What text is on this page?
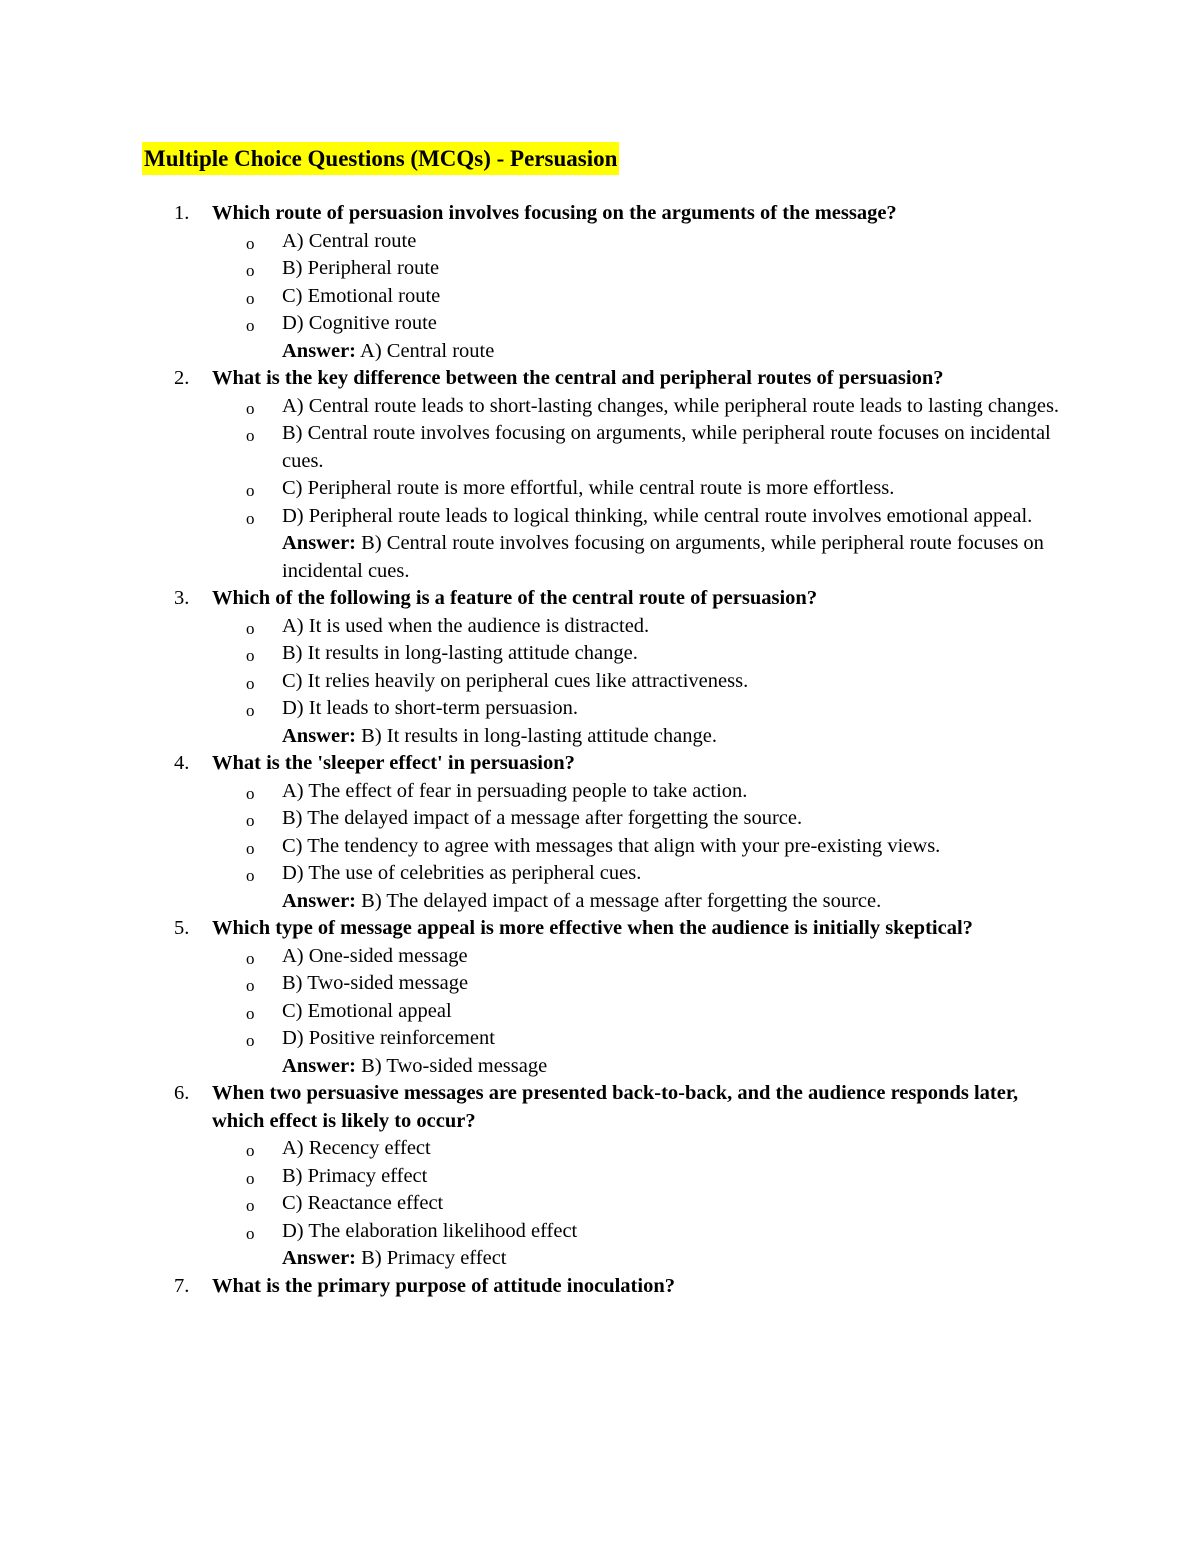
Multiple Choice Questions (MCQs) - Persuasion
1. Which route of persuasion involves focusing on the arguments of the message?
o A) Central route
o B) Peripheral route
o C) Emotional route
o D) Cognitive route
Answer: A) Central route
2. What is the key difference between the central and peripheral routes of persuasion?
o A) Central route leads to short-lasting changes, while peripheral route leads to lasting changes.
o B) Central route involves focusing on arguments, while peripheral route focuses on incidental cues.
o C) Peripheral route is more effortful, while central route is more effortless.
o D) Peripheral route leads to logical thinking, while central route involves emotional appeal.
Answer: B) Central route involves focusing on arguments, while peripheral route focuses on incidental cues.
3. Which of the following is a feature of the central route of persuasion?
o A) It is used when the audience is distracted.
o B) It results in long-lasting attitude change.
o C) It relies heavily on peripheral cues like attractiveness.
o D) It leads to short-term persuasion.
Answer: B) It results in long-lasting attitude change.
4. What is the 'sleeper effect' in persuasion?
o A) The effect of fear in persuading people to take action.
o B) The delayed impact of a message after forgetting the source.
o C) The tendency to agree with messages that align with your pre-existing views.
o D) The use of celebrities as peripheral cues.
Answer: B) The delayed impact of a message after forgetting the source.
5. Which type of message appeal is more effective when the audience is initially skeptical?
o A) One-sided message
o B) Two-sided message
o C) Emotional appeal
o D) Positive reinforcement
Answer: B) Two-sided message
6. When two persuasive messages are presented back-to-back, and the audience responds later, which effect is likely to occur?
o A) Recency effect
o B) Primacy effect
o C) Reactance effect
o D) The elaboration likelihood effect
Answer: B) Primacy effect
7. What is the primary purpose of attitude inoculation?
